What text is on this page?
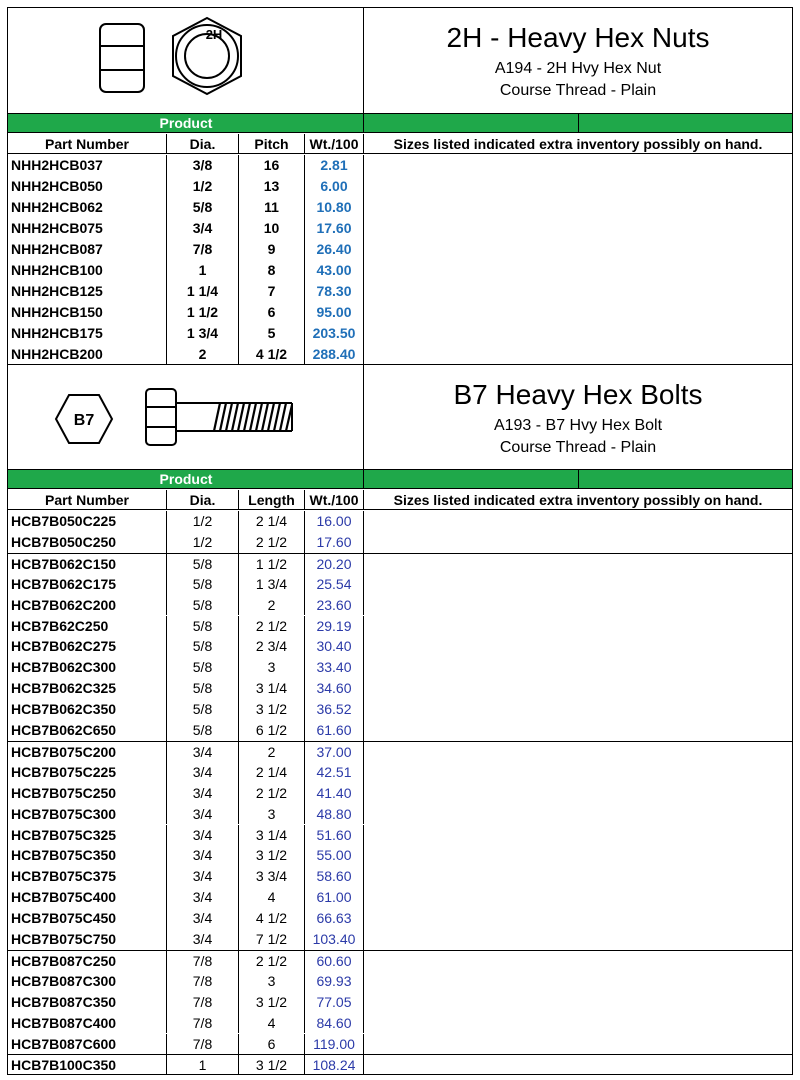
2H	2H - Heavy Hex Nuts
A194 - 2H Hvy Hex Nut
Course Thread - Plain
Product
Part Number	Dia.	Pitch	Wt./100	Sizes listed indicated extra inventory possibly on hand.
NHH2HCB037	3/8	16	2.81
NHH2HCB050	1/2	13	6.00
NHH2HCB062	5/8	11	10.80
NHH2HCB075	3/4	10	17.60
NHH2HCB087	7/8	9	26.40
NHH2HCB100	1	8	43.00
NHH2HCB125	1 1/4	7	78.30
NHH2HCB150	1 1/2	6	95.00
NHH2HCB175	1 3/4	5	203.50
NHH2HCB200	2	4 1/2	288.40
B7
B7 Heavy Hex Bolts
A193 - B7 Hvy Hex Bolt
Course Thread - Plain
Product
Part Number	Dia.	Length	Wt./100	Sizes listed indicated extra inventory possibly on hand.
HCB7B050C225	1/2	2 1/4	16.00
HCB7B050C250	1/2	2 1/2	17.60
HCB7B062C150	5/8	1 1/2	20.20
HCB7B062C175	5/8	1 3/4	25.54
HCB7B062C200	5/8	2	23.60
HCB7B62C250	5/8	2 1/2	29.19
HCB7B062C275	5/8	2 3/4	30.40
HCB7B062C300	5/8	3	33.40
HCB7B062C325	5/8	3 1/4	34.60
HCB7B062C350	5/8	3 1/2	36.52
HCB7B062C650	5/8	6 1/2	61.60
HCB7B075C200	3/4	2	37.00
HCB7B075C225	3/4	2 1/4	42.51
HCB7B075C250	3/4	2 1/2	41.40
HCB7B075C300	3/4	3	48.80
HCB7B075C325	3/4	3 1/4	51.60
HCB7B075C350	3/4	3 1/2	55.00
HCB7B075C375	3/4	3 3/4	58.60
HCB7B075C400	3/4	4	61.00
HCB7B075C450	3/4	4 1/2	66.63
HCB7B075C750	3/4	7 1/2	103.40
HCB7B087C250	7/8	2 1/2	60.60
HCB7B087C300	7/8	3	69.93
HCB7B087C350	7/8	3 1/2	77.05
HCB7B087C400	7/8	4	84.60
HCB7B087C600	7/8	6	119.00
HCB7B100C350	1	3 1/2	108.24
